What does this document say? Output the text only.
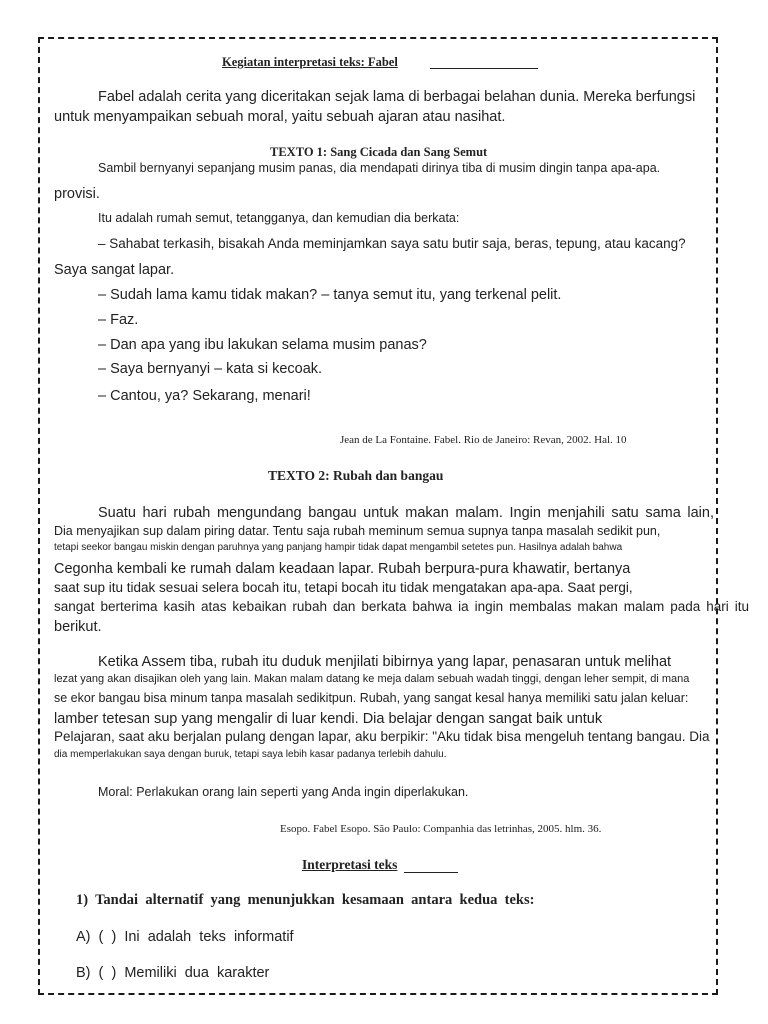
Kegiatan interpretasi teks: Fabel
Fabel adalah cerita yang diceritakan sejak lama di berbagai belahan dunia. Mereka berfungsi
untuk menyampaikan sebuah moral, yaitu sebuah ajaran atau nasihat.
TEXTO 1: Sang Cicada dan Sang Semut
Sambil bernyanyi sepanjang musim panas, dia mendapati dirinya tiba di musim dingin tanpa apa-apa.
provisi.
Itu adalah rumah semut, tetangganya, dan kemudian dia berkata:
– Sahabat terkasih, bisakah Anda meminjamkan saya satu butir saja, beras, tepung, atau kacang?
Saya sangat lapar.
– Sudah lama kamu tidak makan? – tanya semut itu, yang terkenal pelit.
– Faz.
– Dan apa yang ibu lakukan selama musim panas?
– Saya bernyanyi – kata si kecoak.
– Cantou, ya? Sekarang, menari!
Jean de La Fontaine. Fabel. Rio de Janeiro: Revan, 2002. Hal. 10
TEXTO 2: Rubah dan bangau
Suatu hari rubah mengundang bangau untuk makan malam. Ingin menjahili satu sama lain,
Dia menyajikan sup dalam piring datar. Tentu saja rubah meminum semua supnya tanpa masalah sedikit pun,
tetapi seekor bangau miskin dengan paruhnya yang panjang hampir tidak dapat mengambil setetes pun. Hasilnya adalah bahwa
Cegonha kembali ke rumah dalam keadaan lapar. Rubah berpura-pura khawatir, bertanya
saat sup itu tidak sesuai selera bocah itu, tetapi bocah itu tidak mengatakan apa-apa. Saat pergi,
sangat berterima kasih atas kebaikan rubah dan berkata bahwa ia ingin membalas makan malam pada hari itu
berikut.
Ketika Assem tiba, rubah itu duduk menjilati bibirnya yang lapar, penasaran untuk melihat
lezat yang akan disajikan oleh yang lain. Makan malam datang ke meja dalam sebuah wadah tinggi, dengan leher sempit, di mana
se ekor bangau bisa minum tanpa masalah sedikitpun. Rubah, yang sangat kesal hanya memiliki satu jalan keluar:
lamber tetesan sup yang mengalir di luar kendi. Dia belajar dengan sangat baik untuk
Pelajaran, saat aku berjalan pulang dengan lapar, aku berpikir: "Aku tidak bisa mengeluh tentang bangau. Dia
dia memperlakukan saya dengan buruk, tetapi saya lebih kasar padanya terlebih dahulu.
Moral: Perlakukan orang lain seperti yang Anda ingin diperlakukan.
Esopo. Fabel Esopo. São Paulo: Companhia das letrinhas, 2005. hlm. 36.
Interpretasi teks
1)  Tandai  alternatif  yang  menunjukkan  kesamaan  antara  kedua  teks:
A)  (  )  Ini  adalah  teks  informatif
B)  (  )  Memiliki  dua  karakter
